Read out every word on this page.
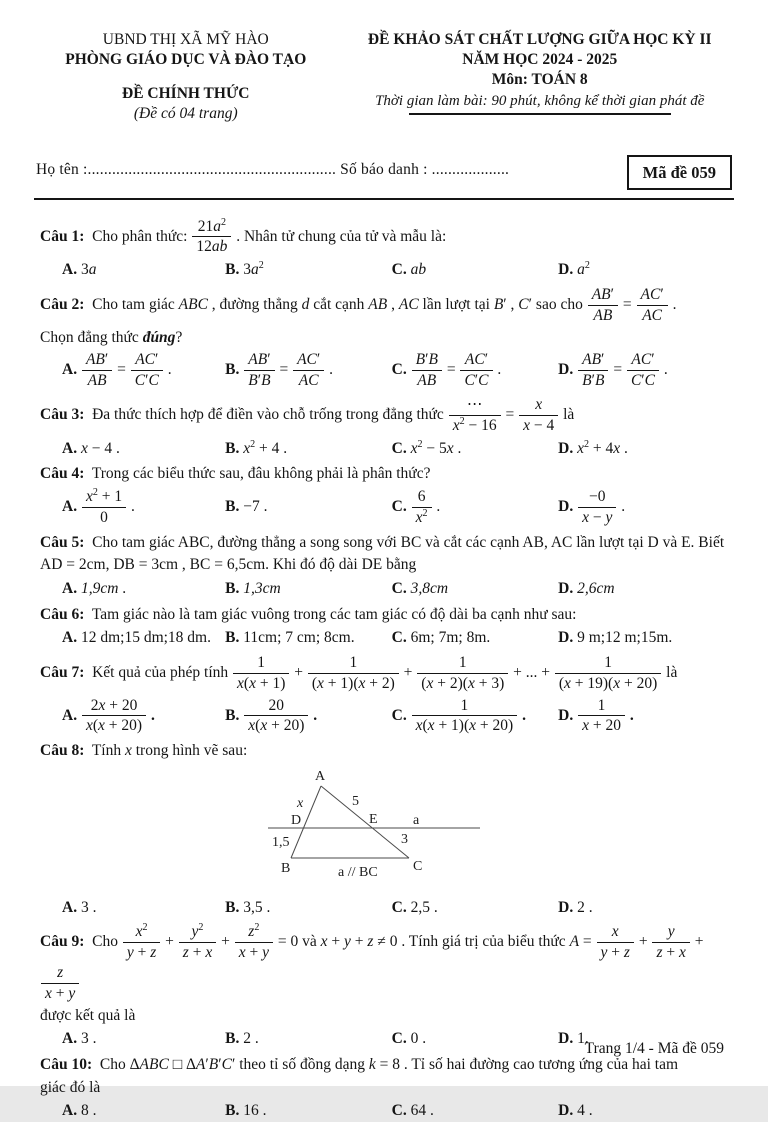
UBND THỊ XÃ MỸ HÀO
PHÒNG GIÁO DỤC VÀ ĐÀO TẠO
ĐỀ CHÍNH THỨC
(Đề có 04 trang)
ĐỀ KHẢO SÁT CHẤT LƯỢNG GIỮA HỌC KỲ II
NĂM HỌC 2024 - 2025
Môn: TOÁN 8
Thời gian làm bài: 90 phút, không kể thời gian phát đề
Họ tên :............................................................. Số báo danh : ...................	Mã đề 059
Câu 1:  Cho phân thức: $\frac{21a^2}{12ab}$ . Nhân tử chung của tử và mẫu là:
A. 3a	B. $3a^2$	C. ab	D. $a^2$
Câu 2:  Cho tam giác ABC , đường thẳng d cắt cạnh AB , AC lần lượt tại B′ , C′ sao cho $\frac{AB'}{AB} = \frac{AC'}{AC}$ .
Chọn đẳng thức đúng?
A. $\frac{AB'}{AB} = \frac{AC'}{C'C}$ .	B. $\frac{AB'}{B'B} = \frac{AC'}{AC}$ .	C. $\frac{B'B}{AB} = \frac{AC'}{C'C}$ .	D. $\frac{AB'}{B'B} = \frac{AC'}{C'C}$ .
Câu 3:  Đa thức thích hợp để điền vào chỗ trống trong đẳng thức
⋯
$x^2 - 16$
= $\frac{x}{x - 4}$ là
A. x − 4 .	B. $x^2 + 4$ .	C. $x^2 - 5x$ .	D. $x^2 + 4x$ .
Câu 4:  Trong các biểu thức sau, đâu không phải là phân thức?
A. $\frac{x^2 + 1}{0}$ .	B. −7 .	C. $\frac{6}{x^2}$ .	D. $\frac{-0}{x - y}$ .
Câu 5:  Cho tam giác ABC, đường thẳng a song song với BC và cắt các cạnh AB, AC lần lượt tại D và E. Biết
AD = 2cm, DB = 3cm , BC = 6,5cm. Khi đó độ dài DE bằng
A. 1,9cm .	B. 1,3cm	C. 3,8cm	D. 2,6cm
Câu 6:  Tam giác nào là tam giác vuông trong các tam giác có độ dài ba cạnh như sau:
A. 12 dm;15 dm;18 dm. B. 11cm; 7 cm; 8cm.	C. 6m; 7m; 8m.	D. 9 m;12 m;15m.
Câu 7:  Kết quả của phép tính $\frac{1}{x(x + 1)} + \frac{1}{(x + 1)(x + 2)} + \frac{1}{(x + 2)(x + 3)}$ + ... + $\frac{1}{(x + 19)(x + 20)}$ là
A. $\frac{2x + 20}{x(x + 20)}$ .	B. $\frac{20}{x(x + 20)}$ .	C. $\frac{1}{x(x + 1)(x + 20)}$ .	D. $\frac{1}{x + 20}$ .
Câu 8:  Tính x trong hình vẽ sau:
A
x	5
D	E	a
1,5	3
B	C
a // BC
A. 3 .	B. 3,5 .	C. 2,5 .	D. 2 .
Câu 9:  Cho $\frac{x^2}{y + z} + \frac{y^2}{z + x} + \frac{z^2}{x + y} = 0$ và x + y + z ≠ 0 . Tính giá trị của biểu thức $A = \frac{x}{y + z} + \frac{y}{z + x}$ +
$\frac{z}{x + y}$
được kết quả là
A. 3 .	B. 2 .	C. 0 .	D. 1.
Câu 10:  Cho ΔABC □ ΔA′B′C′ theo tỉ số đồng dạng k = 8 . Tỉ số hai đường cao tương ứng của hai tam
giác đó là
A. 8 .	B. 16 .	C. 64 .	D. 4 .
Trang 1/4 - Mã đề 059
